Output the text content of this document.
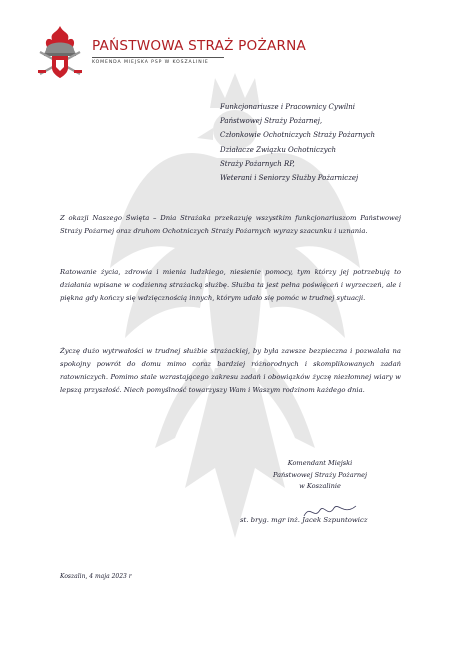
PAŃSTWOWA STRAŻ POŻARNA
KOMENDA MIEJSKA PSP W KOSZALINIE
Funkcjonariusze i Pracownicy Cywilni
Państwowej Straży Pożarnej,
Członkowie Ochotniczych Straży Pożarnych
Działacze Związku Ochotniczych
Straży Pożarnych RP,
Weterani i Seniorzy Służby Pożarniczej
Z okazji Naszego Święta – Dnia Strażaka przekazuję wszystkim funkcjonariuszom Państwowej Straży Pożarnej oraz druhom Ochotniczych Straży Pożarnych wyrazy szacunku i uznania.
Ratowanie życia, zdrowia i mienia ludzkiego, niesienie pomocy, tym którzy jej potrzebują to działania wpisane w codzienną strażacką służbę. Służba ta jest pełna poświęceń i wyrzeczeń, ale i piękna gdy kończy się wdzięcznością innych, którym udało się pomóc w trudnej sytuacji.
Życzę dużo wytrwałości w trudnej służbie strażackiej, by była zawsze bezpieczna i pozwalała na spokojny powrót do domu mimo coraz bardziej różnorodnych i skomplikowanych zadań ratowniczych. Pomimo stale wzrastającego zakresu zadań i obowiązków życzę niezłomnej wiary w lepszą przyszłość. Niech pomyślność towarzyszy Wam i Waszym rodzinom każdego dnia.
Komendant Miejski
Państwowej Straży Pożarnej
w Koszalinie
st. bryg. mgr inż. Jacek Szpuntowicz
Koszalin, 4 maja 2023 r
